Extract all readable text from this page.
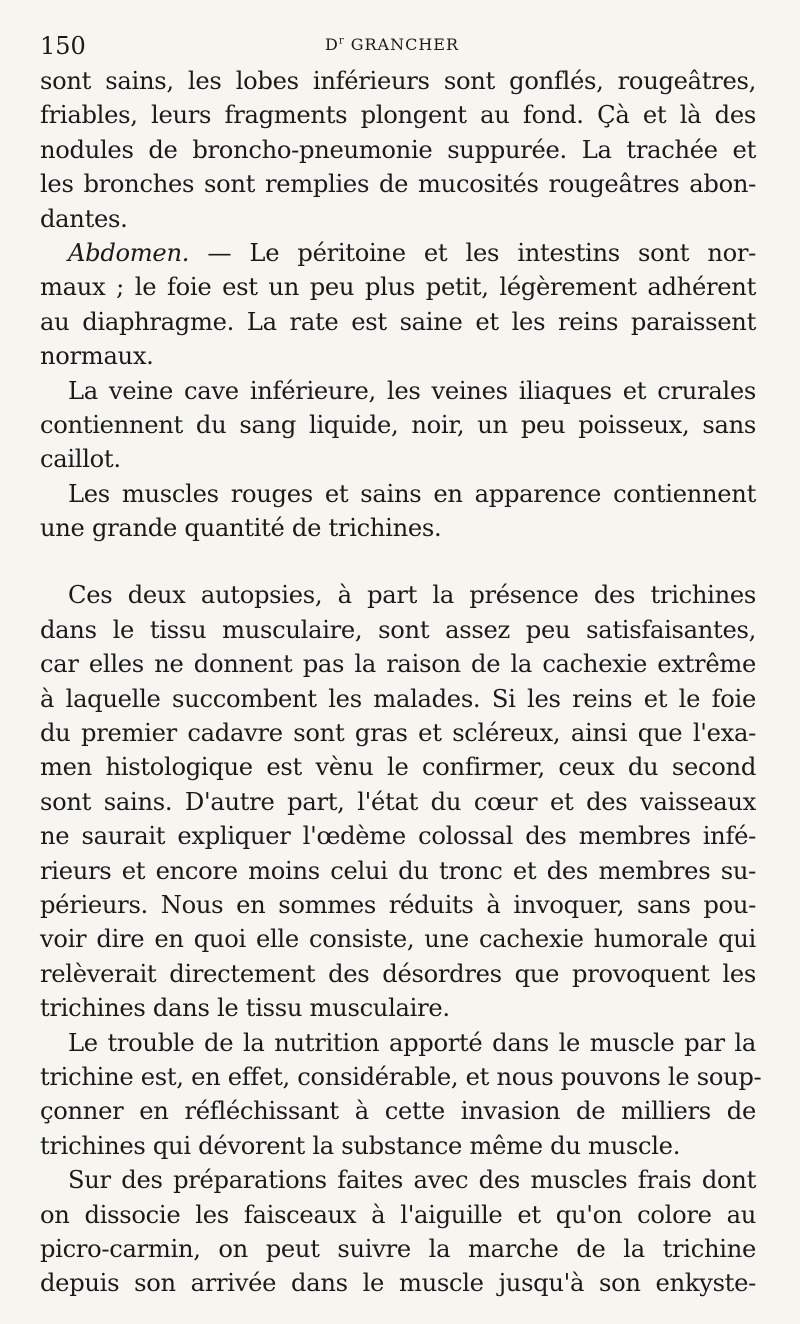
150	$D^r$ GRANCHER
sont sains, les lobes inférieurs sont gonflés, rougeâtres,
friables, leurs fragments plongent au fond. Çà et là des
nodules de broncho-pneumonie suppurée. La trachée et
les bronches sont remplies de mucosités rougeâtres abon-
dantes.
Abdomen. — Le péritoine et les intestins sont nor-
maux ; le foie est un peu plus petit, légèrement adhérent
au diaphragme. La rate est saine et les reins paraissent
normaux.
La veine cave inférieure, les veines iliaques et crurales
contiennent du sang liquide, noir, un peu poisseux, sans
caillot.
Les muscles rouges et sains en apparence contiennent
une grande quantité de trichines.
Ces deux autopsies, à part la présence des trichines
dans le tissu musculaire, sont assez peu satisfaisantes,
car elles ne donnent pas la raison de la cachexie extrême
à laquelle succombent les malades. Si les reins et le foie
du premier cadavre sont gras et scléreux, ainsi que l'exa-
men histologique est vènu le confirmer, ceux du second
sont sains. D'autre part, l'état du cœur et des vaisseaux
ne saurait expliquer l'œdème colossal des membres infé-
rieurs et encore moins celui du tronc et des membres su-
périeurs. Nous en sommes réduits à invoquer, sans pou-
voir dire en quoi elle consiste, une cachexie humorale qui
relèverait directement des désordres que provoquent les
trichines dans le tissu musculaire.
Le trouble de la nutrition apporté dans le muscle par la
trichine est, en effet, considérable, et nous pouvons le soup-
çonner en réfléchissant à cette invasion de milliers de
trichines qui dévorent la substance même du muscle.
Sur des préparations faites avec des muscles frais dont
on dissocie les faisceaux à l'aiguille et qu'on colore au
picro-carmin, on peut suivre la marche de la trichine
depuis son arrivée dans le muscle jusqu'à son enkyste-
